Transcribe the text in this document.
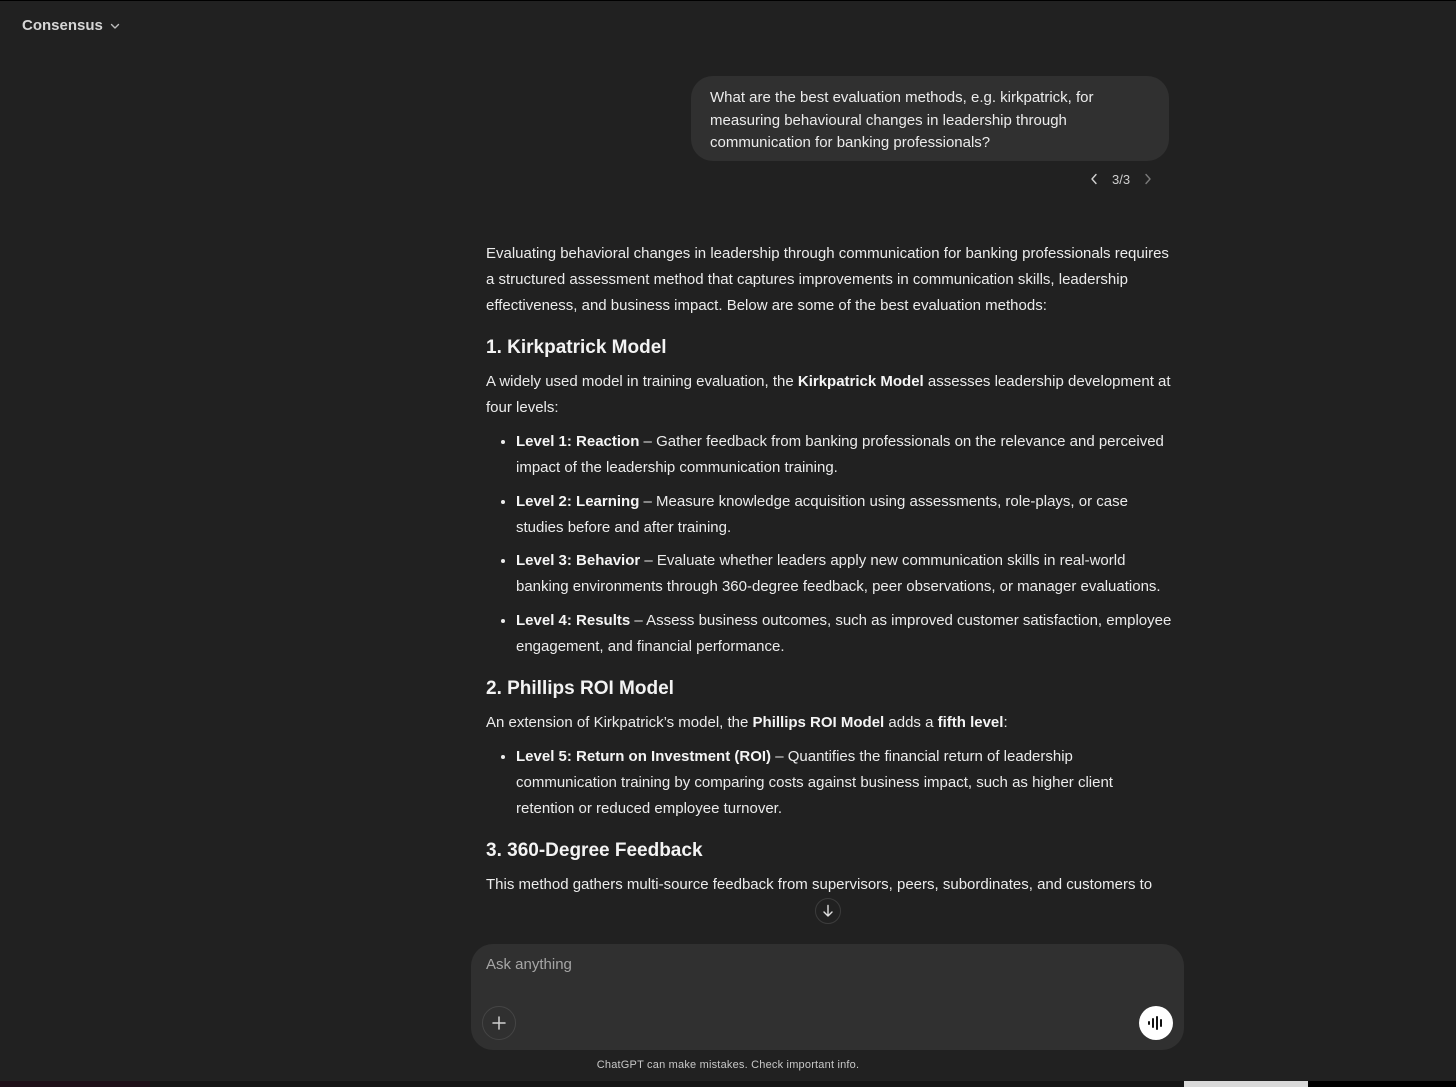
Consensus
What are the best evaluation methods, e.g. kirkpatrick, for measuring behavioural changes in leadership through communication for banking professionals?
3/3

Evaluating behavioral changes in leadership through communication for banking professionals requires a structured assessment method that captures improvements in communication skills, leadership effectiveness, and business impact. Below are some of the best evaluation methods:

1. Kirkpatrick Model

A widely used model in training evaluation, the Kirkpatrick Model assesses leadership development at four levels:

• Level 1: Reaction – Gather feedback from banking professionals on the relevance and perceived impact of the leadership communication training.
• Level 2: Learning – Measure knowledge acquisition using assessments, role-plays, or case studies before and after training.
• Level 3: Behavior – Evaluate whether leaders apply new communication skills in real-world banking environments through 360-degree feedback, peer observations, or manager evaluations.
• Level 4: Results – Assess business outcomes, such as improved customer satisfaction, employee engagement, and financial performance.
2. Phillips ROI Model

An extension of Kirkpatrick’s model, the Phillips ROI Model adds a fifth level:

• Level 5: Return on Investment (ROI) – Quantifies the financial return of leadership communication training by comparing costs against business impact, such as higher client retention or reduced employee turnover.
3. 360-Degree Feedback

This method gathers multi-source feedback from supervisors, peers, subordinates, and customers to

Ask anything
ChatGPT can make mistakes. Check important info.
